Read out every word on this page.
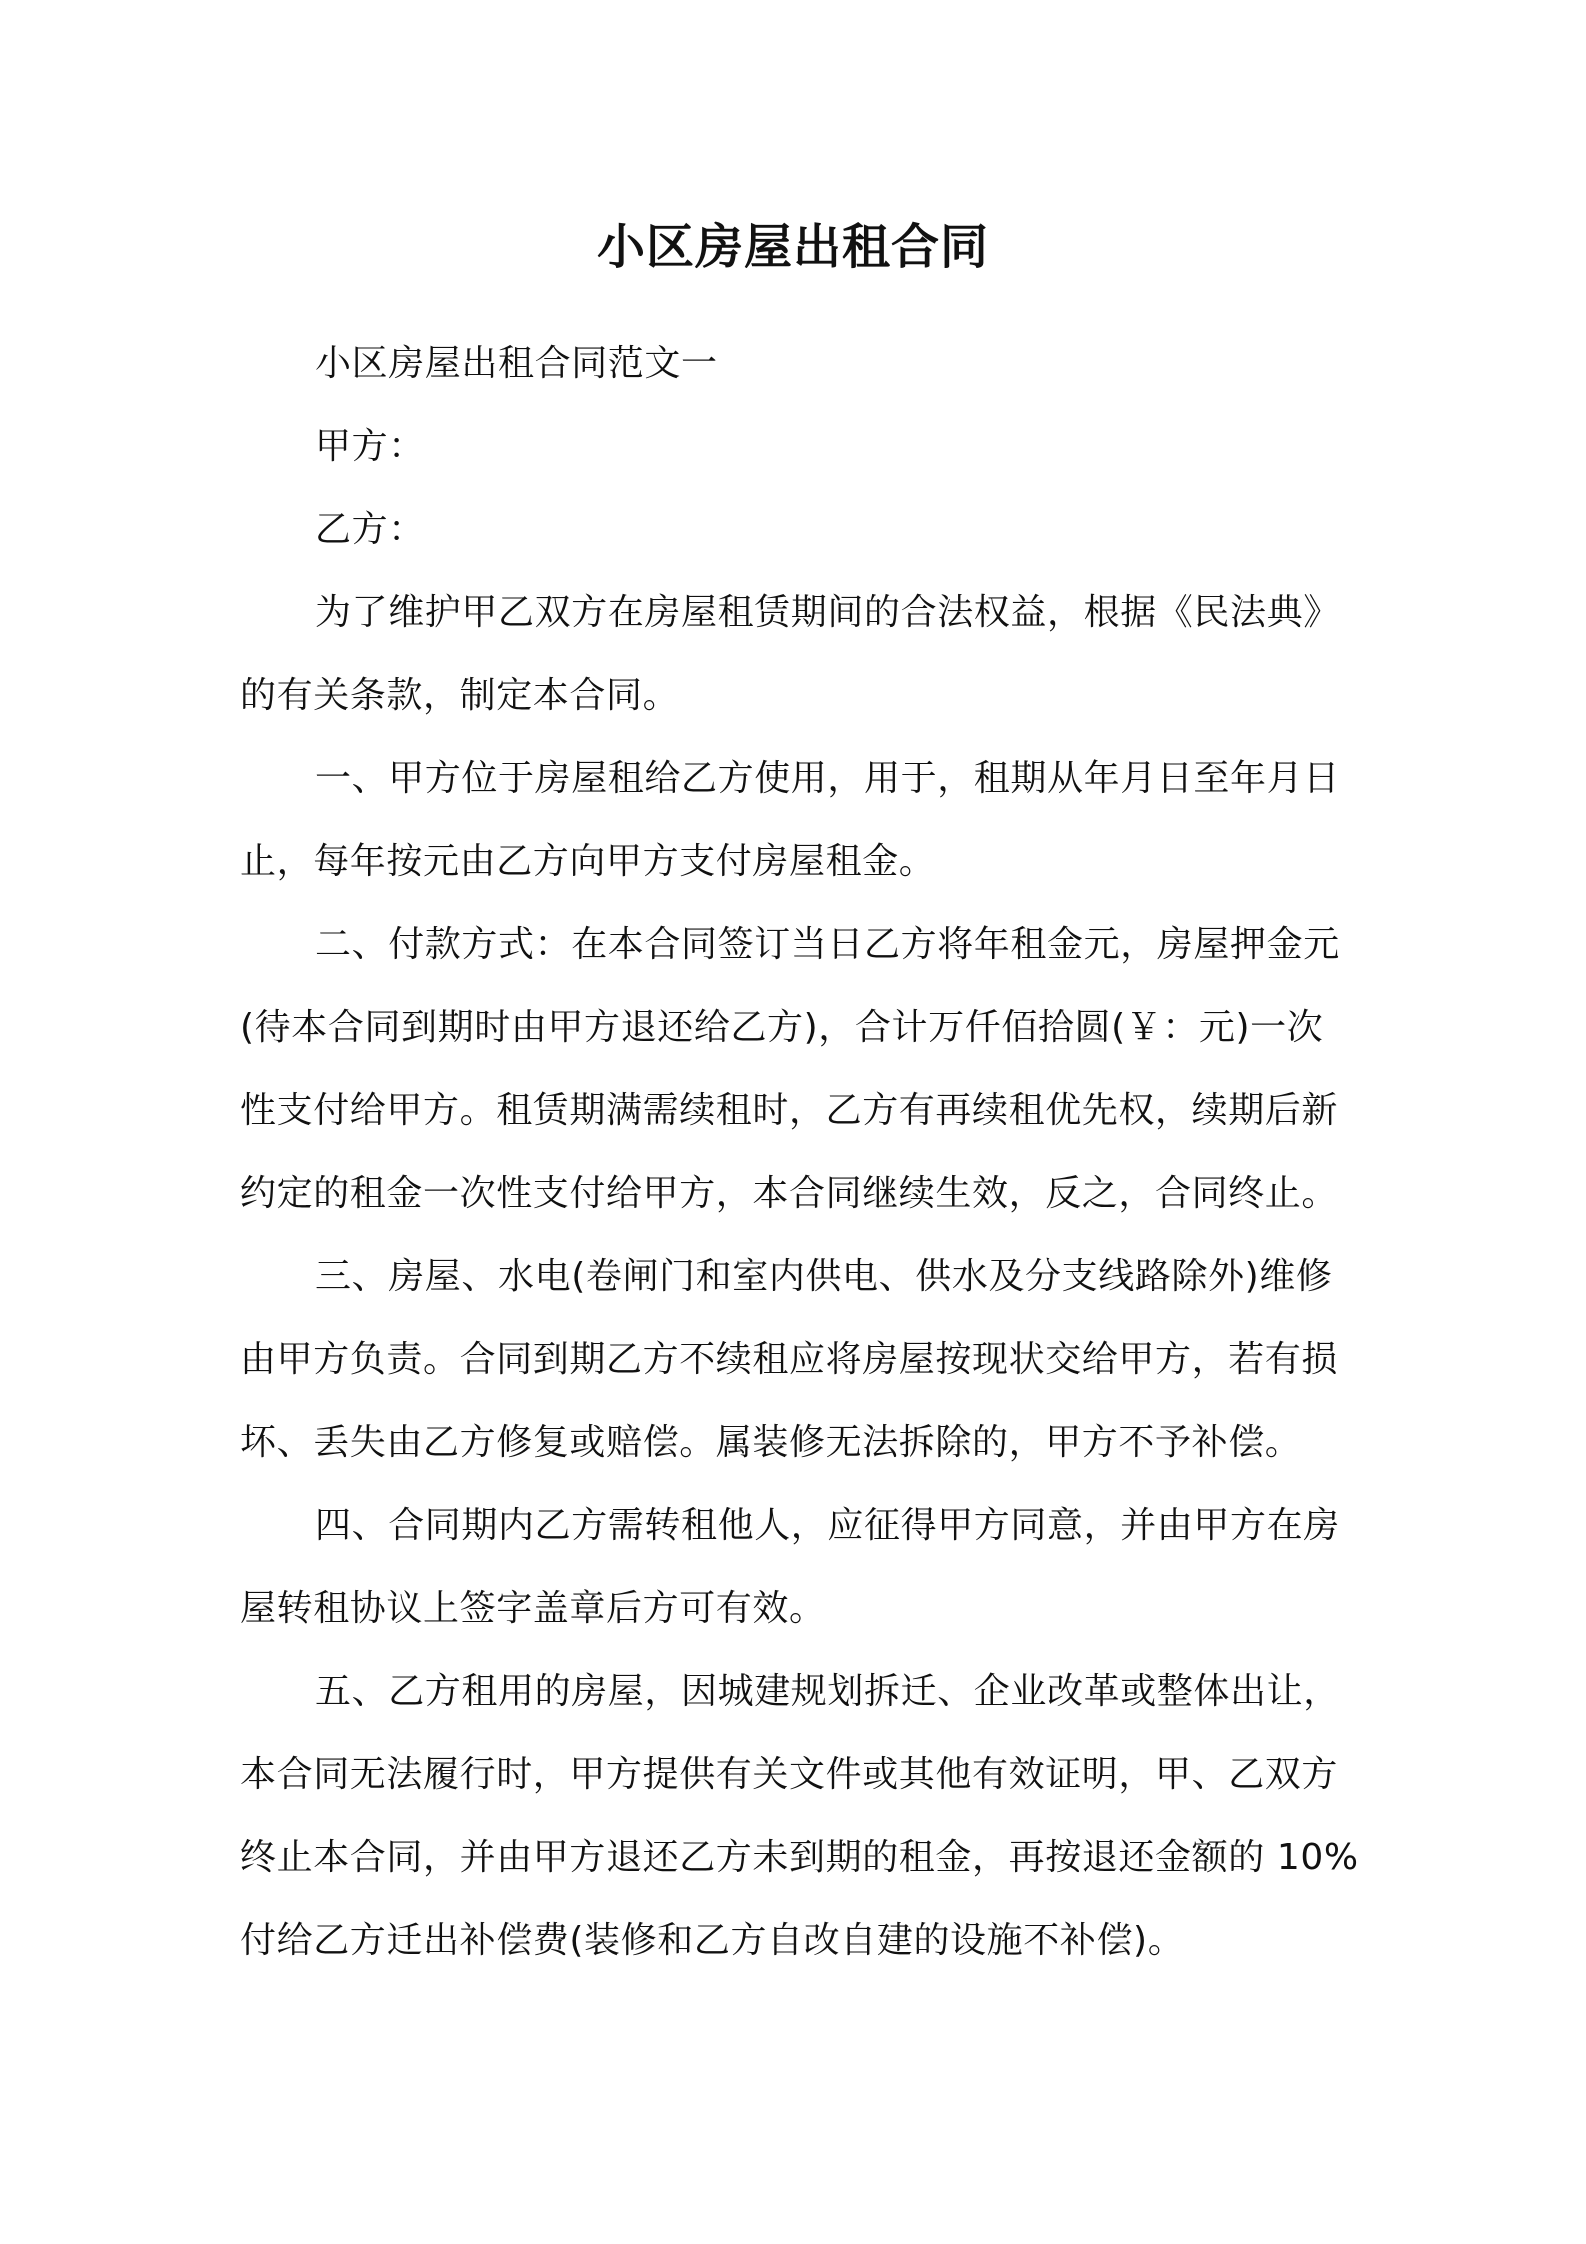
小区房屋出租合同
小区房屋出租合同范文一
甲方：
乙方：
为了维护甲乙双方在房屋租赁期间的合法权益，根据《民法典》
的有关条款，制定本合同。
一、甲方位于房屋租给乙方使用，用于，租期从年月日至年月日
止，每年按元由乙方向甲方支付房屋租金。
二、付款方式：在本合同签订当日乙方将年租金元，房屋押金元
(待本合同到期时由甲方退还给乙方)，合计万仟佰拾圆(￥：元)一次
性支付给甲方。租赁期满需续租时，乙方有再续租优先权，续期后新
约定的租金一次性支付给甲方，本合同继续生效，反之，合同终止。
三、房屋、水电(卷闸门和室内供电、供水及分支线路除外)维修
由甲方负责。合同到期乙方不续租应将房屋按现状交给甲方，若有损
坏、丢失由乙方修复或赔偿。属装修无法拆除的，甲方不予补偿。
四、合同期内乙方需转租他人，应征得甲方同意，并由甲方在房
屋转租协议上签字盖章后方可有效。
五、乙方租用的房屋，因城建规划拆迁、企业改革或整体出让，
本合同无法履行时，甲方提供有关文件或其他有效证明，甲、乙双方
终止本合同，并由甲方退还乙方未到期的租金，再按退还金额的 10%
付给乙方迁出补偿费(装修和乙方自改自建的设施不补偿)。
